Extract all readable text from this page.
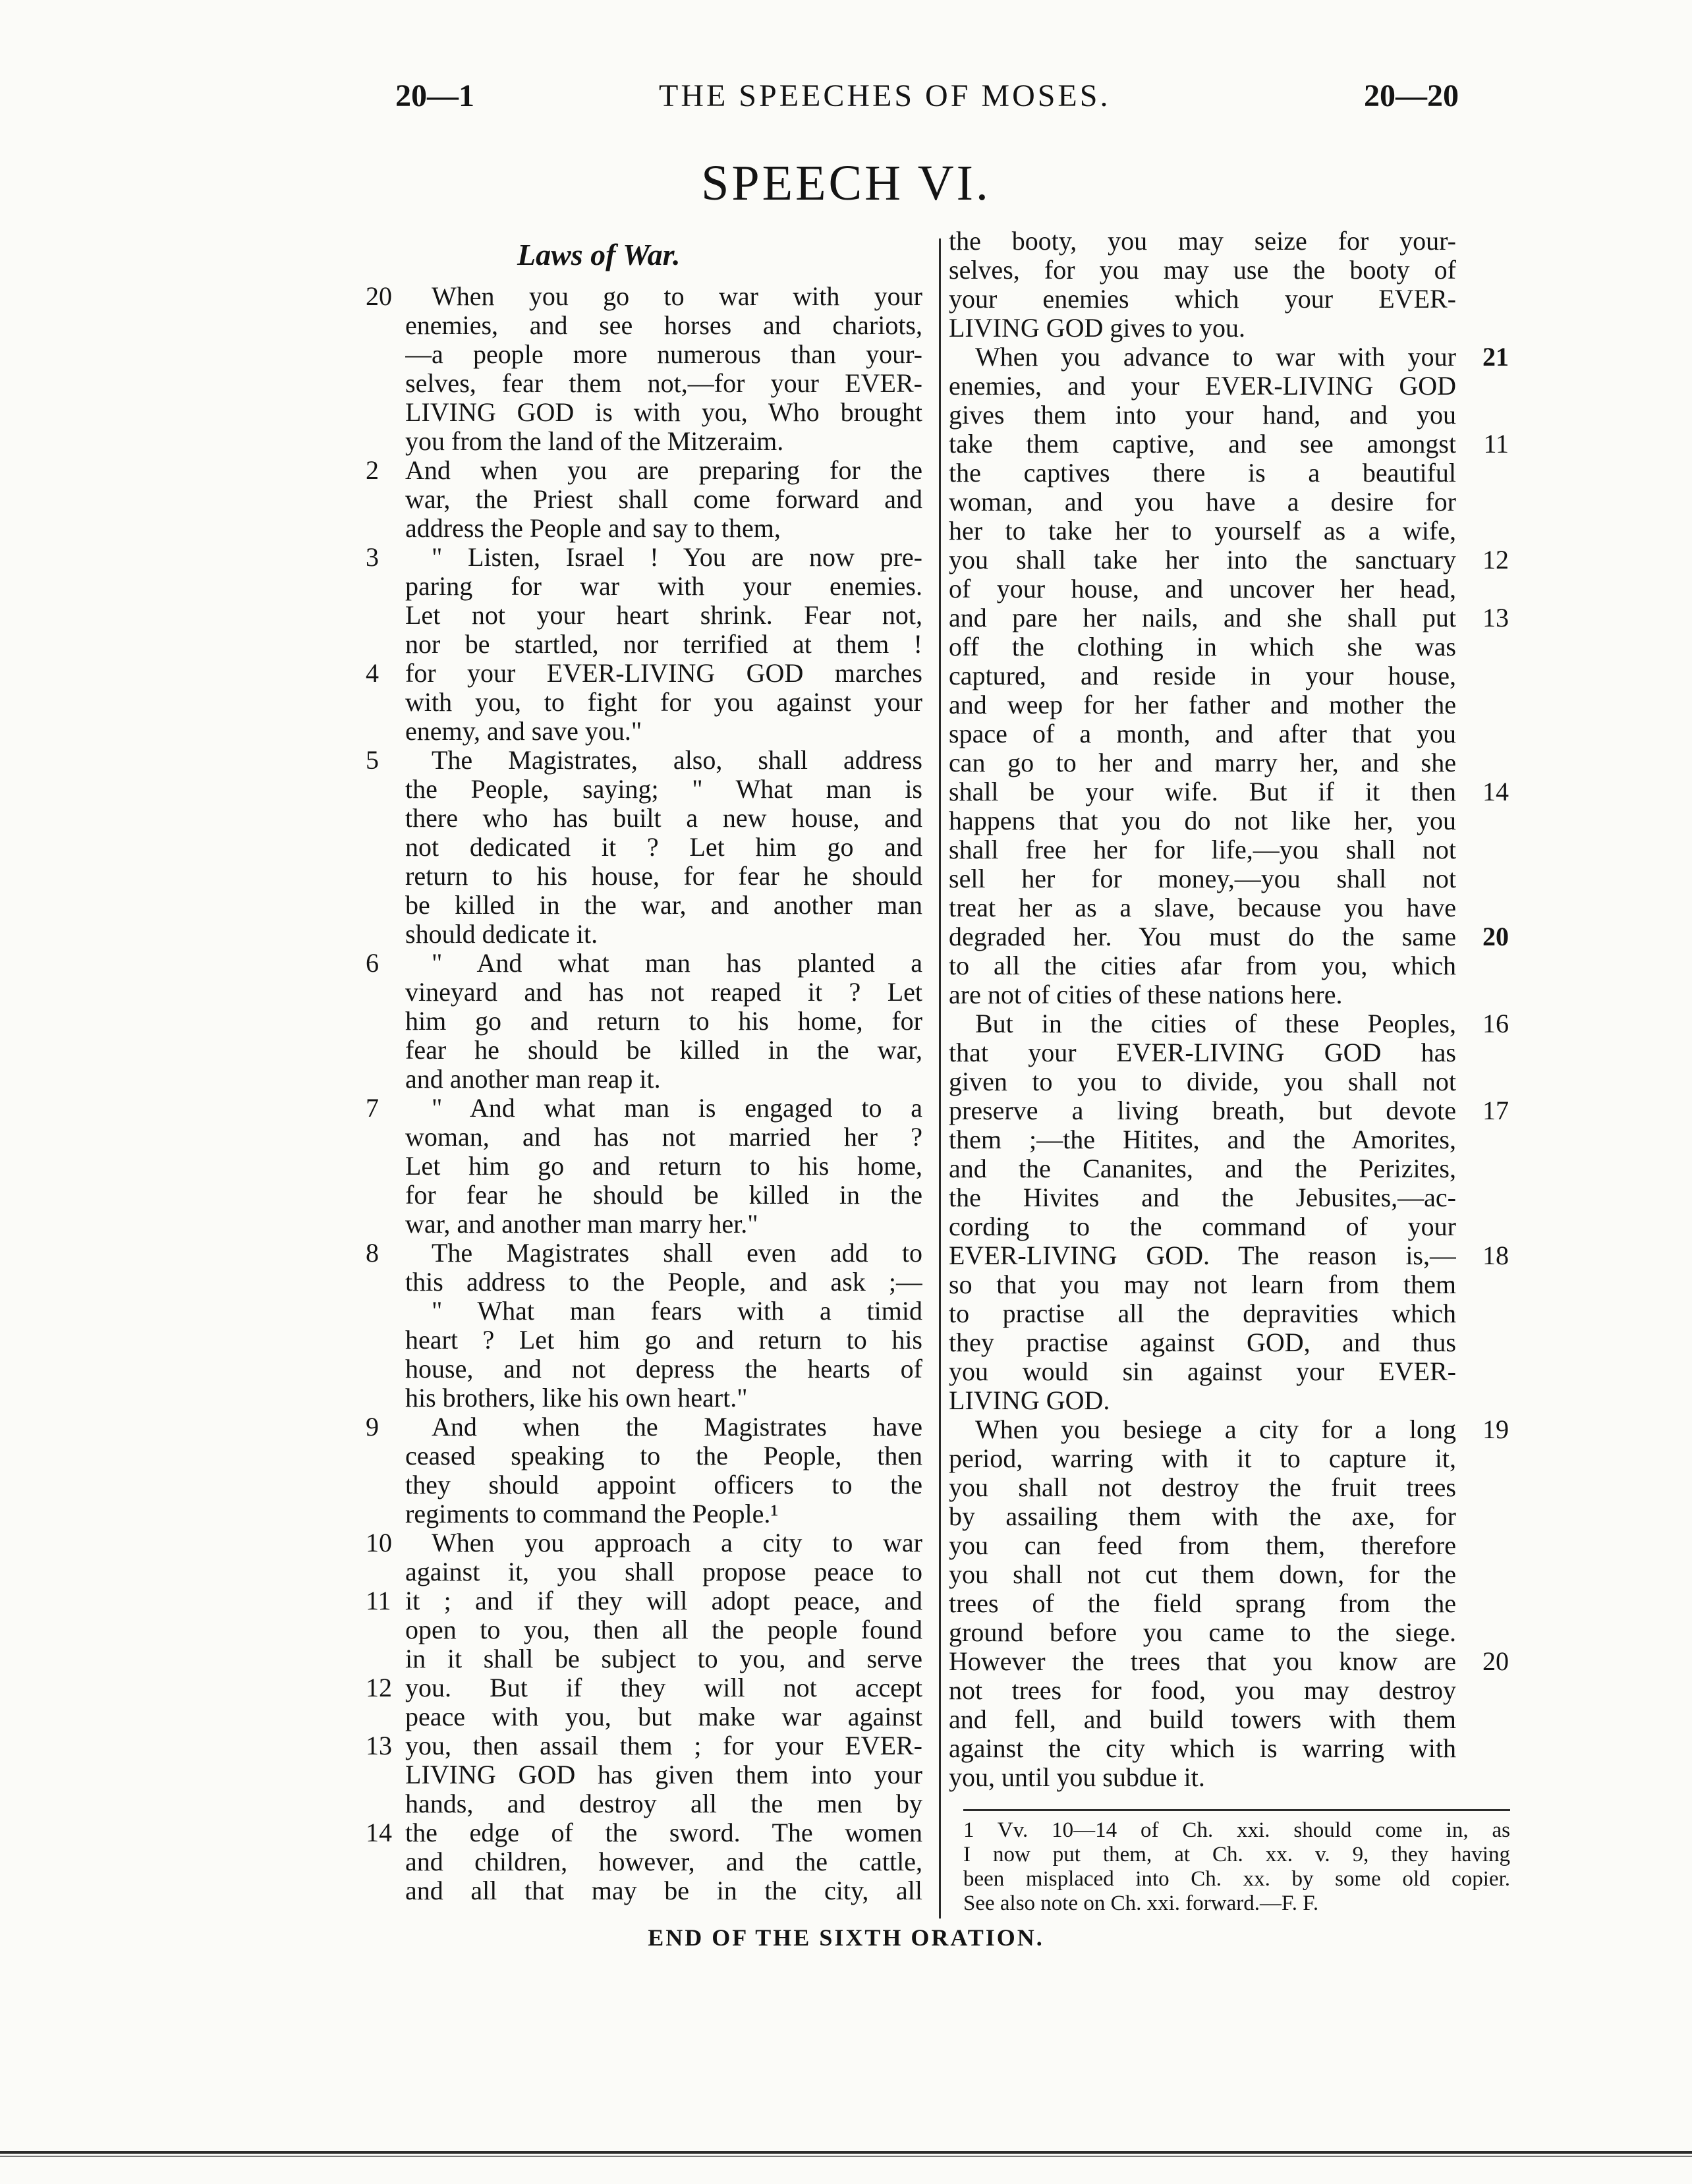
20—1	THE SPEECHES OF MOSES.	20—20
SPEECH VI.
Laws of War.
20	When you go to war with your
enemies, and see horses and chariots,
—a people more numerous than your-
selves, fear them not,—for your EVER-
LIVING GOD is with you, Who brought
you from the land of the Mitzeraim.
2	And when you are preparing for the
war, the Priest shall come forward and
address the People and say to them,
3	" Listen, Israel ! You are now pre-
paring for war with your enemies.
Let not your heart shrink. Fear not,
nor be startled, nor terrified at them !
4	for your EVER-LIVING GOD marches
with you, to fight for you against your
enemy, and save you."
5	The Magistrates, also, shall address
the People, saying; " What man is
there who has built a new house, and
not dedicated it ? Let him go and
return to his house, for fear he should
be killed in the war, and another man
should dedicate it.
6	" And what man has planted a
vineyard and has not reaped it ? Let
him go and return to his home, for
fear he should be killed in the war,
and another man reap it.
7	" And what man is engaged to a
woman, and has not married her ?
Let him go and return to his home,
for fear he should be killed in the
war, and another man marry her."
8	The Magistrates shall even add to
this address to the People, and ask ;—
" What man fears with a timid
heart ? Let him go and return to his
house, and not depress the hearts of
his brothers, like his own heart."
9	And when the Magistrates have
ceased speaking to the People, then
they should appoint officers to the
regiments to command the People.¹
10	When you approach a city to war
against it, you shall propose peace to
11 it ; and if they will adopt peace, and
open to you, then all the people found
in it shall be subject to you, and serve
12 you. But if they will not accept
peace with you, but make war against
13 you, then assail them ; for your EVER-
LIVING GOD has given them into your
hands, and destroy all the men by
14 the edge of the sword. The women
and children, however, and the cattle,
and all that may be in the city, all
the booty, you may seize for your-
selves, for you may use the booty of
your enemies which your EVER-
LIVING GOD gives to you.
When you advance to war with your	21
enemies, and your EVER-LIVING GOD
gives them into your hand, and you
take them captive, and see amongst	11
the captives there is a beautiful
woman, and you have a desire for
her to take her to yourself as a wife,
you shall take her into the sanctuary	12
of your house, and uncover her head,
and pare her nails, and she shall put	13
off the clothing in which she was
captured, and reside in your house,
and weep for her father and mother the
space of a month, and after that you
can go to her and marry her, and she
shall be your wife. But if it then	14
happens that you do not like her, you
shall free her for life,—you shall not
sell her for money,—you shall not
treat her as a slave, because you have
degraded her. You must do the same	20
to all the cities afar from you, which
are not of cities of these nations here.
But in the cities of these Peoples,	16
that your EVER-LIVING GOD has
given to you to divide, you shall not
preserve a living breath, but devote	17
them ;—the Hitites, and the Amorites,
and the Cananites, and the Perizites,
the Hivites and the Jebusites,—ac-
cording to the command of your
EVER-LIVING GOD. The reason is,—	18
so that you may not learn from them
to practise all the depravities which
they practise against GOD, and thus
you would sin against your EVER-
LIVING GOD.
When you besiege a city for a long	19
period, warring with it to capture it,
you shall not destroy the fruit trees
by assailing them with the axe, for
you can feed from them, therefore
you shall not cut them down, for the
trees of the field sprang from the
ground before you came to the siege.
However the trees that you know are	20
not trees for food, you may destroy
and fell, and build towers with them
against the city which is warring with
you, until you subdue it.
1 Vv. 10—14 of Ch. xxi. should come in, as
I now put them, at Ch. xx. v. 9, they having
been misplaced into Ch. xx. by some old copier.
See also note on Ch. xxi. forward.—F. F.
END OF THE SIXTH ORATION.
